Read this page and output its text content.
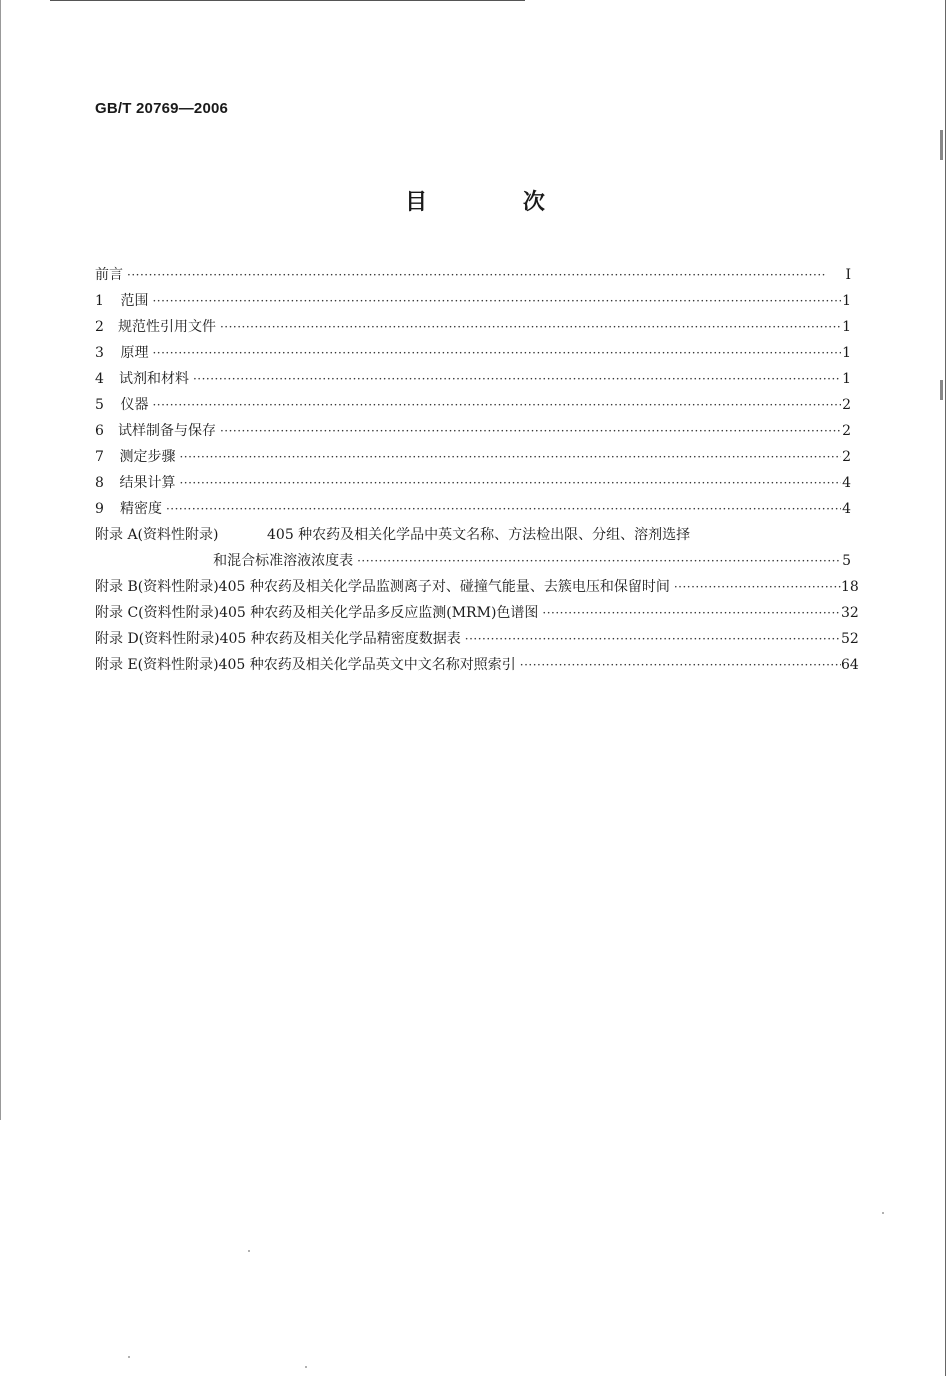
GB/T 20769—2006
目 次
前言 ·····	I
1	范围 ·····	1
2	规范性引用文件 ·····	1
3	原理 ·····	1
4	试剂和材料 ·····	1
5	仪器 ·····	2
6	试样制备与保存 ·····	2
7	测定步骤 ·····	2
8	结果计算 ·····	4
9	精密度 ·····	4
附录 A(资料性附录)	405 种农药及相关化学品中英文名称、方法检出限、分组、溶剂选择
和混合标准溶液浓度表 ·····	5
附录 B(资料性附录) 405 种农药及相关化学品监测离子对、碰撞气能量、去簇电压和保留时间 ·····	18
附录 C(资料性附录) 405 种农药及相关化学品多反应监测(MRM)色谱图 ·····	32
附录 D(资料性附录) 405 种农药及相关化学品精密度数据表 ·····	52
附录 E(资料性附录) 405 种农药及相关化学品英文中文名称对照索引 ·····	64
